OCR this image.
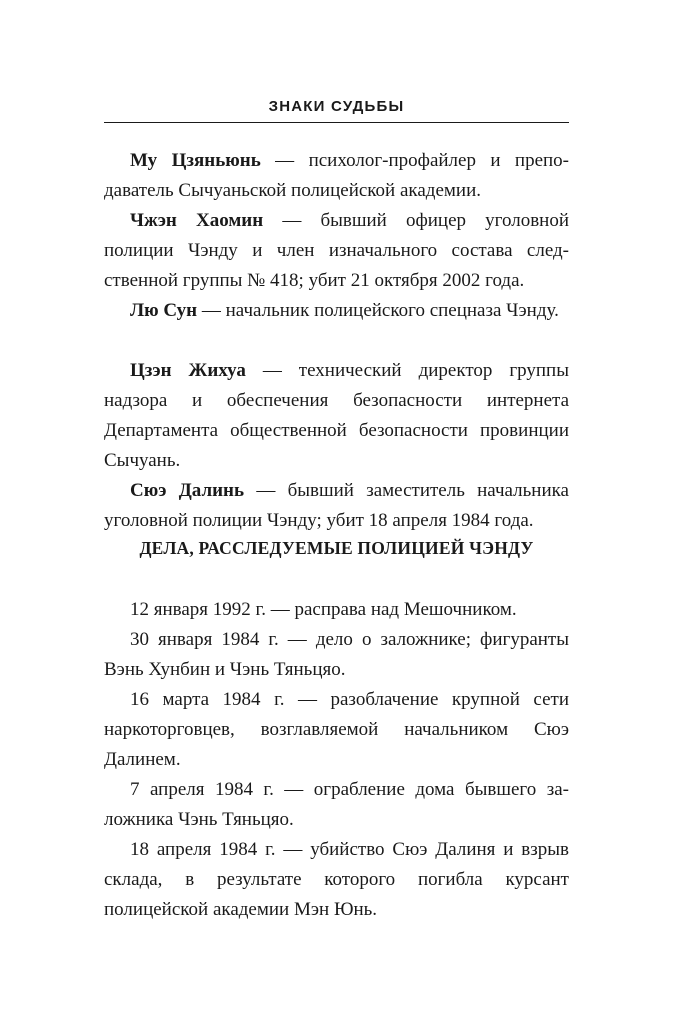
ЗНАКИ СУДЬБЫ

Му Цзяньюнь — психолог-профайлер и преподаватель Сычуаньской полицейской академии.

Чжэн Хаомин — бывший офицер уголовной полиции Чэнду и член изначального состава следственной группы № 418; убит 21 октября 2002 года.

Лю Сун — начальник полицейского спецназа Чэнду.

Цзэн Жихуа — технический директор группы надзора и обеспечения безопасности интернета Департамента общественной безопасности провинции Сычуань.

Сюэ Далинь — бывший заместитель начальника уголовной полиции Чэнду; убит 18 апреля 1984 года.

ДЕЛА, РАССЛЕДУЕМЫЕ ПОЛИЦИЕЙ ЧЭНДУ

12 января 1992 г. — расправа над Мешочником.

30 января 1984 г. — дело о заложнике; фигуранты Вэнь Хунбин и Чэнь Тяньцяо.

16 марта 1984 г. — разоблачение крупной сети наркоторговцев, возглавляемой начальником Сюэ Далинем.

7 апреля 1984 г. — ограбление дома бывшего заложника Чэнь Тяньцяо.

18 апреля 1984 г. — убийство Сюэ Далиня и взрыв склада, в результате которого погибла курсант полицейской академии Мэн Юнь.
